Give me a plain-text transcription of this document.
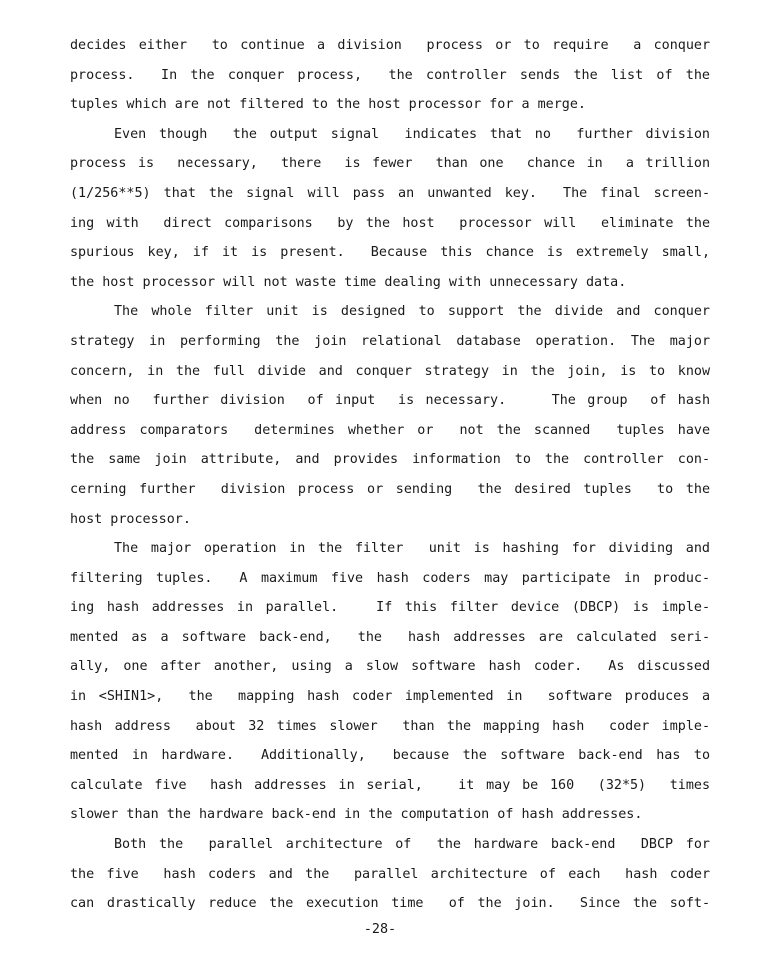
decides either  to continue a division  process or to require  a conquer
process.  In the conquer process,  the controller sends the list of the
tuples which are not filtered to the host processor for a merge.
Even though  the output signal  indicates that no  further division
process is  necessary,  there  is fewer  than one  chance in  a trillion
(1/256**5) that the signal will pass an unwanted key.  The final screen-
ing with  direct comparisons  by the host  processor will  eliminate the
spurious key, if it is present.  Because this chance is extremely small,
the host processor will not waste time dealing with unnecessary data.
The whole filter unit is designed to support the divide and conquer
strategy in performing the join relational database operation. The major
concern, in the full divide and conquer strategy in the join, is to know
when no  further division  of input  is necessary.    The group  of hash
address comparators  determines whether or  not the scanned  tuples have
the same join attribute, and provides information to the controller con-
cerning further  division process or sending  the desired tuples  to the
host processor.
The major operation in the filter  unit is hashing for dividing and
filtering tuples.  A maximum five hash coders may participate in produc-
ing hash addresses in parallel.   If this filter device (DBCP) is imple-
mented as a software back-end,  the  hash addresses are calculated seri-
ally, one after another, using a slow software hash coder.  As discussed
in <SHIN1>,  the  mapping hash coder implemented in  software produces a
hash address  about 32 times slower  than the mapping hash  coder imple-
mented in hardware.  Additionally,  because the software back-end has to
calculate five  hash addresses in serial,   it may be 160  (32*5)  times
slower than the hardware back-end in the computation of hash addresses.
Both the  parallel architecture of  the hardware back-end  DBCP for
the five  hash coders and the  parallel architecture of each  hash coder
can drastically reduce the execution time  of the join.  Since the soft-
-28-
